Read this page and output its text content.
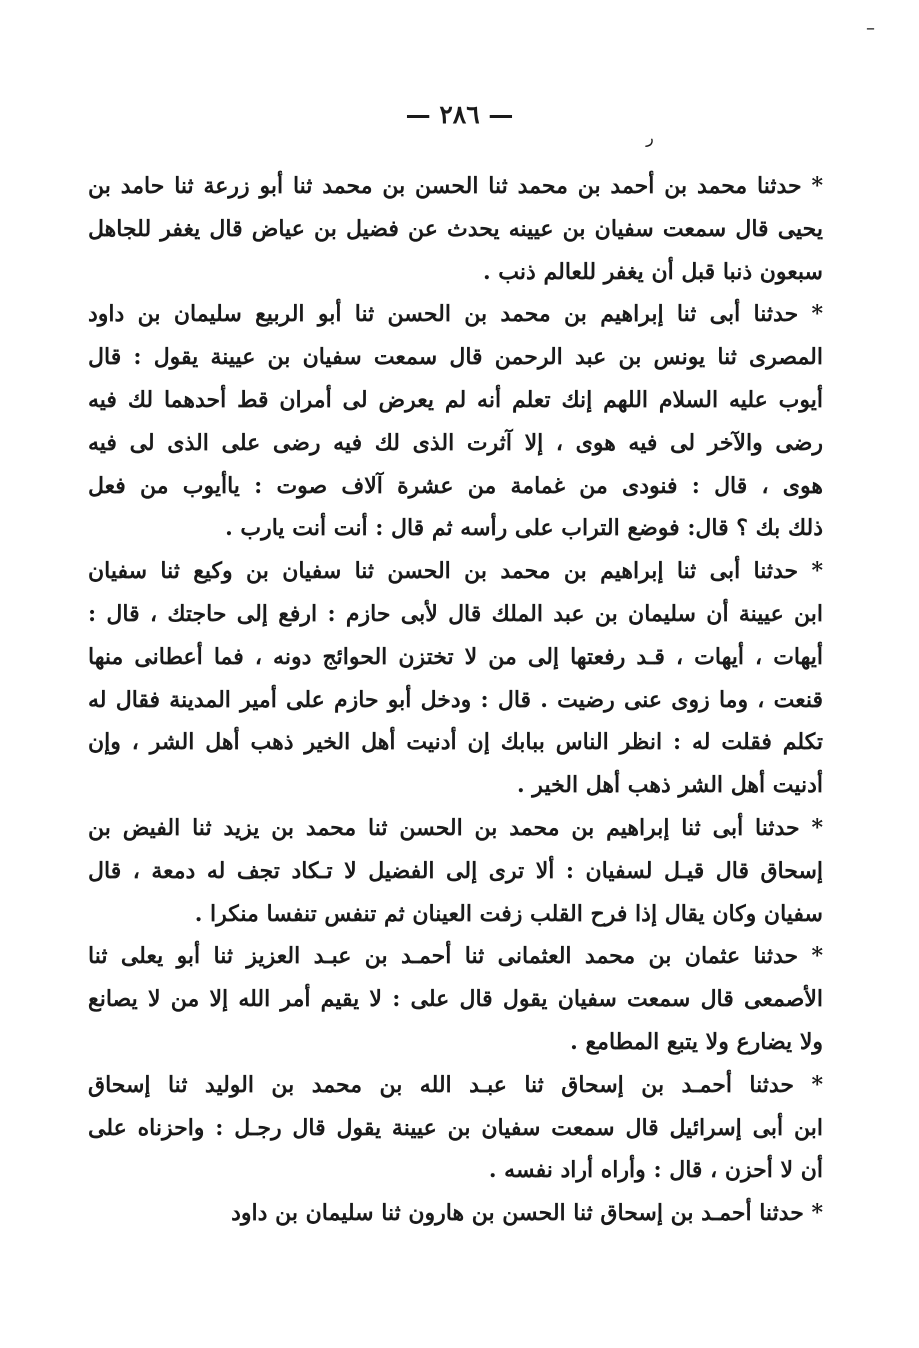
–
— ٢٨٦ —
ر
* حدثنا محمد بن أحمد بن محمد ثنا الحسن بن محمد ثنا أبو زرعة ثنا حامد بن
يحيى قال سمعت سفيان بن عيينه يحدث عن فضيل بن عياض قال يغفر للجاهل
سبعون ذنبا قبل أن يغفر للعالم ذنب .
* حدثنا أبى ثنا إبراهيم بن محمد بن الحسن ثنا أبو الربيع سليمان بن داود
المصرى ثنا يونس بن عبد الرحمن قال سمعت سفيان بن عيينة يقول : قال
أيوب عليه السلام اللهم إنك تعلم أنه لم يعرض لى أمران قط أحدهما لك فيه
رضى والآخر لى فيه هوى ، إلا آثرت الذى لك فيه رضى على الذى لى فيه
هوى ، قال : فنودى من غمامة من عشرة آلاف صوت : ياأيوب من فعل
ذلك بك ؟ قال: فوضع التراب على رأسه ثم قال : أنت أنت يارب .
* حدثنا أبى ثنا إبراهيم بن محمد بن الحسن ثنا سفيان بن وكيع ثنا سفيان
ابن عيينة أن سليمان بن عبد الملك قال لأبى حازم : ارفع إلى حاجتك ، قال :
أيهات ، أيهات ، قـد رفعتها إلى من لا تختزن الحوائج دونه ، فما أعطانى منها
قنعت ، وما زوى عنى رضيت . قال : ودخل أبو حازم على أمير المدينة فقال له
تكلم فقلت له : انظر الناس ببابك إن أدنيت أهل الخير ذهب أهل الشر ، وإن
أدنيت أهل الشر ذهب أهل الخير .
* حدثنا أبى ثنا إبراهيم بن محمد بن الحسن ثنا محمد بن يزيد ثنا الفيض بن
إسحاق قال قيـل لسفيان : ألا ترى إلى الفضيل لا تـكاد تجف له دمعة ، قال
سفيان وكان يقال إذا فرح القلب زفت العينان ثم تنفس تنفسا منكرا .
* حدثنا عثمان بن محمد العثمانى ثنا أحمـد بن عبـد العزيز ثنا أبو يعلى ثنا
الأصمعى قال سمعت سفيان يقول قال على : لا يقيم أمر الله إلا من لا يصانع
ولا يضارع ولا يتبع المطامع .
* حدثنا أحمـد بن إسحاق ثنا عبـد الله بن محمد بن الوليد ثنا إسحاق
ابن أبى إسرائيل قال سمعت سفيان بن عيينة يقول قال رجـل : واحزناه على
أن لا أحزن ، قال : وأراه أراد نفسه .
* حدثنا أحمـد بن إسحاق ثنا الحسن بن هارون ثنا سليمان بن داود
